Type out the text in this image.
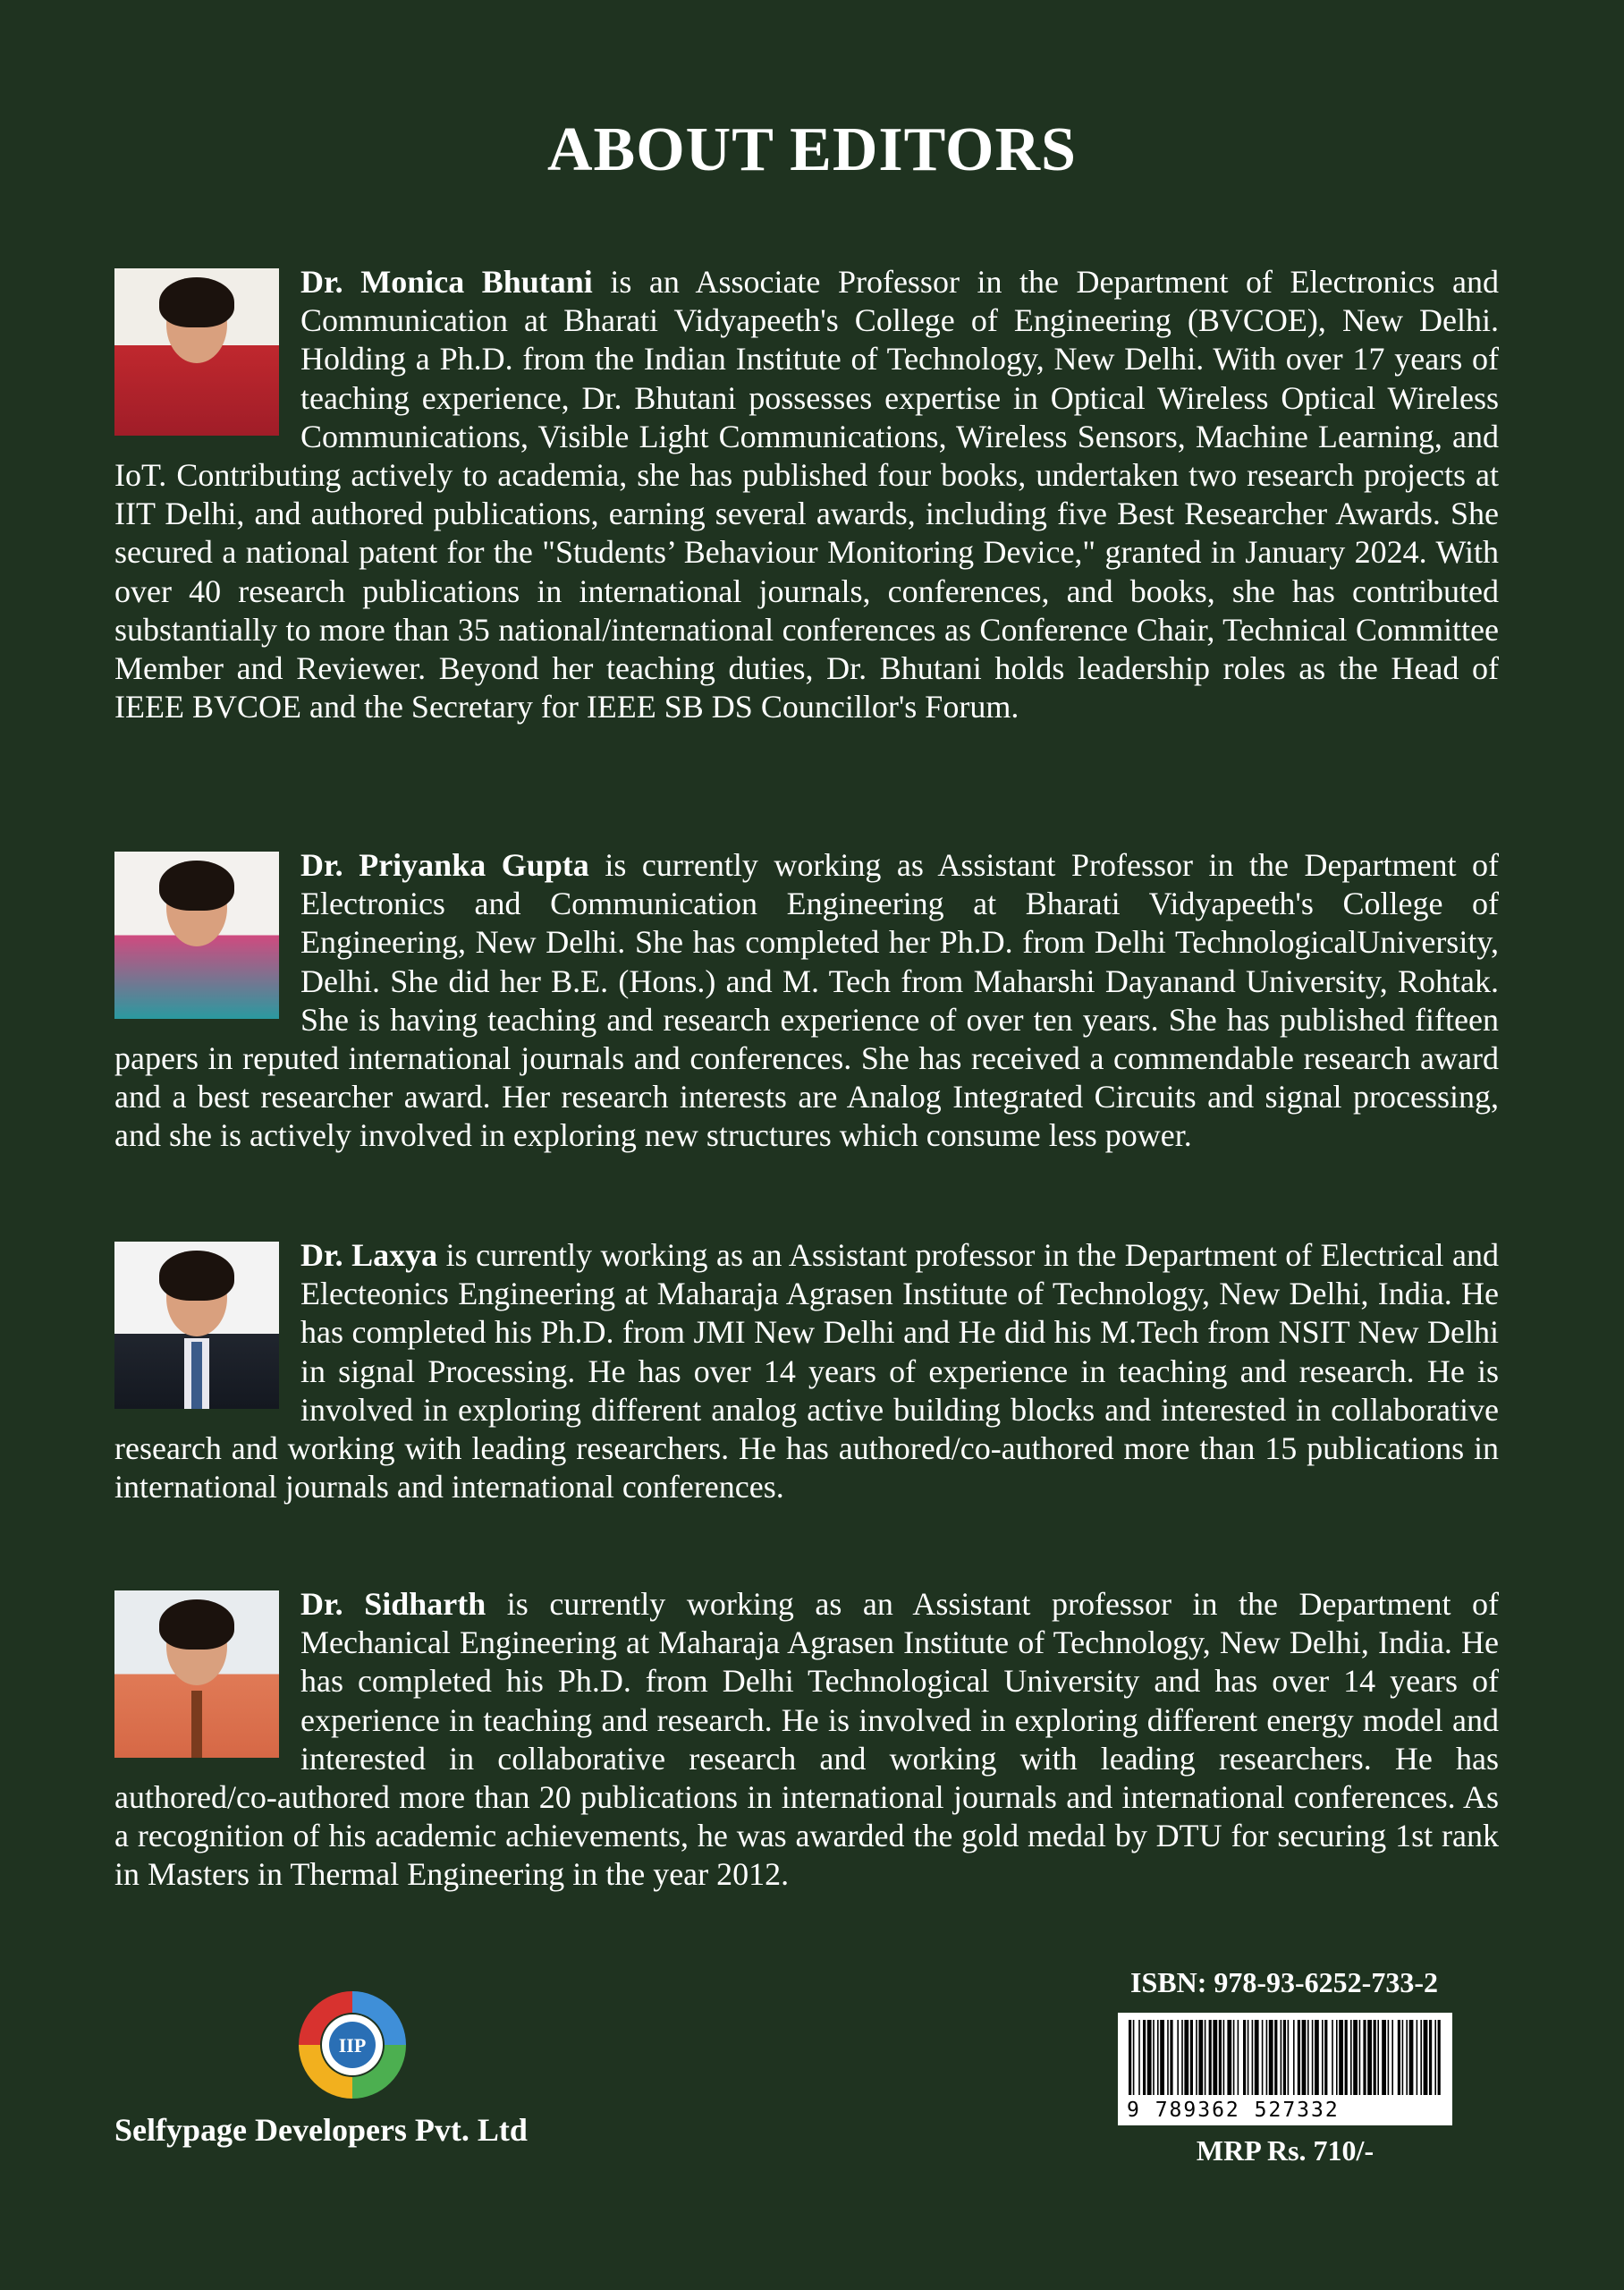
ABOUT EDITORS
Dr. Monica Bhutani is an Associate Professor in the Department of Electronics and Communication at Bharati Vidyapeeth's College of Engineering (BVCOE), New Delhi. Holding a Ph.D. from the Indian Institute of Technology, New Delhi. With over 17 years of teaching experience, Dr. Bhutani possesses expertise in Optical Wireless Optical Wireless Communications, Visible Light Communications, Wireless Sensors, Machine Learning, and IoT. Contributing actively to academia, she has published four books, undertaken two research projects at IIT Delhi, and authored publications, earning several awards, including five Best Researcher Awards. She secured a national patent for the "Students’ Behaviour Monitoring Device," granted in January 2024. With over 40 research publications in international journals, conferences, and books, she has contributed substantially to more than 35 national/international conferences as Conference Chair, Technical Committee Member and Reviewer. Beyond her teaching duties, Dr. Bhutani holds leadership roles as the Head of IEEE BVCOE and the Secretary for IEEE SB DS Councillor's Forum.
Dr. Priyanka Gupta is currently working as Assistant Professor in the Department of Electronics and Communication Engineering at Bharati Vidyapeeth's College of Engineering, New Delhi. She has completed her Ph.D. from Delhi TechnologicalUniversity, Delhi. She did her B.E. (Hons.) and M. Tech from Maharshi Dayanand University, Rohtak. She is having teaching and research experience of over ten years. She has published fifteen papers in reputed international journals and conferences. She has received a commendable research award and a best researcher award. Her research interests are Analog Integrated Circuits and signal processing, and she is actively involved in exploring new structures which consume less power.
Dr. Laxya is currently working as an Assistant professor in the Department of Electrical and Electeonics Engineering at Maharaja Agrasen Institute of Technology, New Delhi, India. He has completed his Ph.D. from JMI New Delhi and He did his M.Tech from NSIT New Delhi in signal Processing. He has over 14 years of experience in teaching and research. He is involved in exploring different analog active building blocks and interested in collaborative research and working with leading researchers. He has authored/co-authored more than 15 publications in international journals and international conferences.
Dr. Sidharth is currently working as an Assistant professor in the Department of Mechanical Engineering at Maharaja Agrasen Institute of Technology, New Delhi, India. He has completed his Ph.D. from Delhi Technological University and has over 14 years of experience in teaching and research. He is involved in exploring different energy model and interested in collaborative research and working with leading researchers. He has authored/co-authored more than 20 publications in international journals and international conferences. As a recognition of his academic achievements, he was awarded the gold medal by DTU for securing 1st rank in Masters in Thermal Engineering in the year 2012.
IIP
Selfypage Developers Pvt. Ltd
ISBN: 978-93-6252-733-2
9 789362 527332
MRP Rs. 710/-
